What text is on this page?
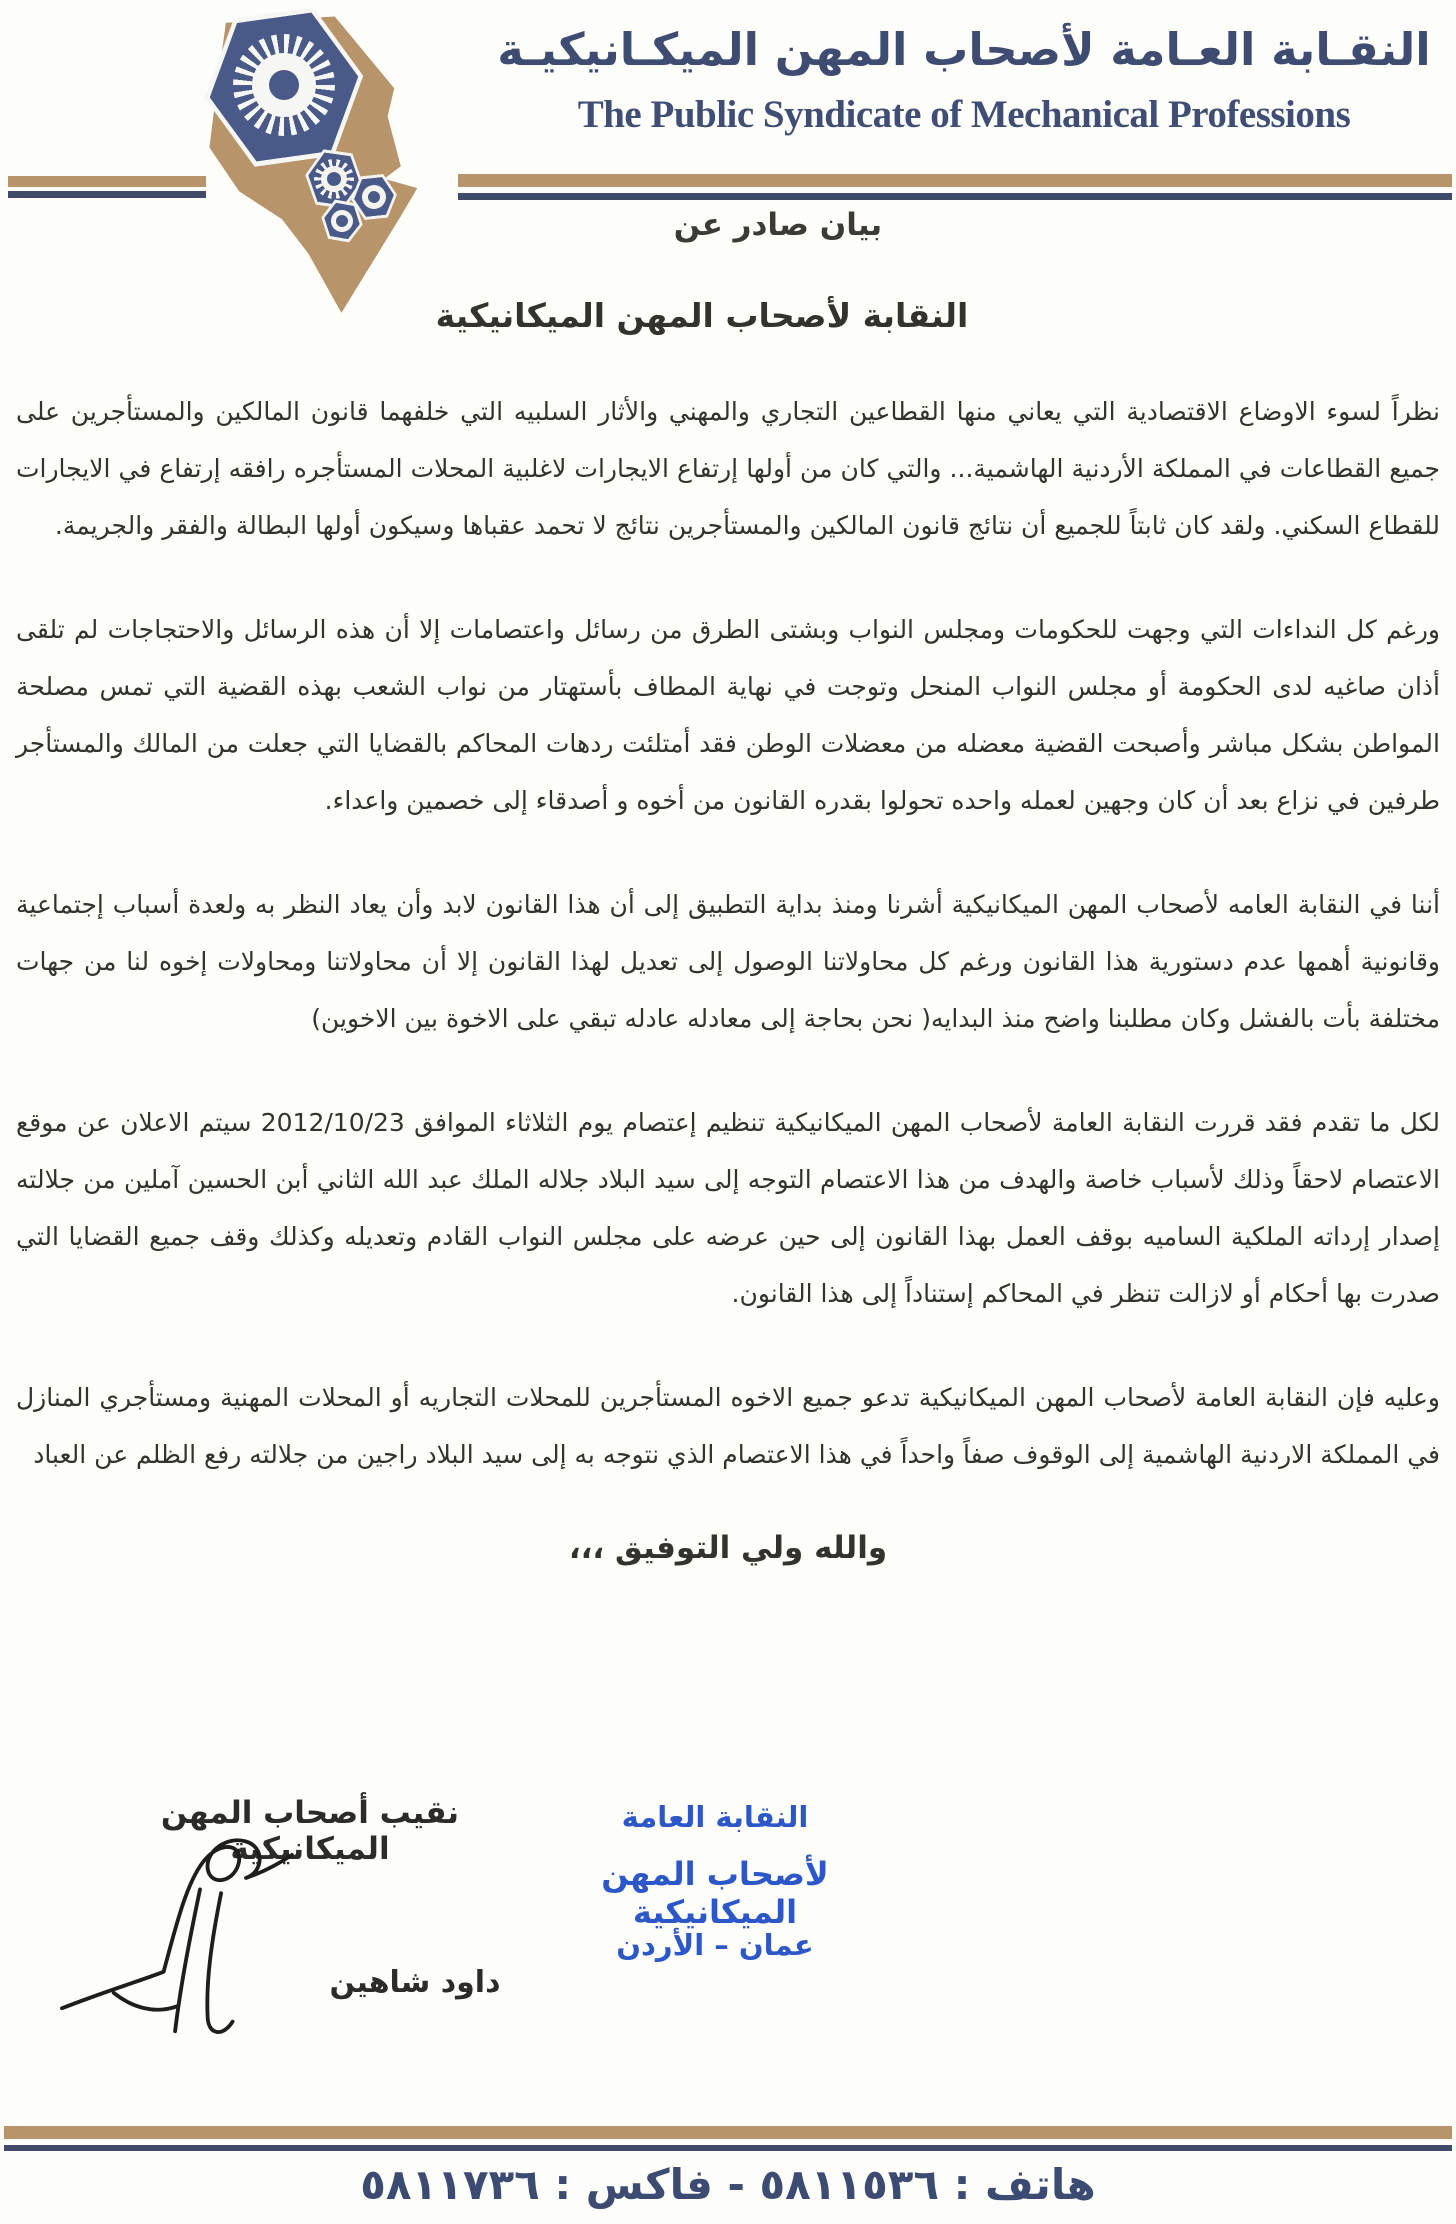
النقـابة العـامة لأصحاب المهن الميكـانيكيـة
The Public Syndicate of Mechanical Professions
بيان صادر عن
النقابة لأصحاب المهن الميكانيكية

نظراً لسوء الاوضاع الاقتصادية التي يعاني منها القطاعين التجاري والمهني والأثار السلبيه التي خلفهما قانون المالكين والمستأجرين على جميع القطاعات في المملكة الأردنية الهاشمية... والتي كان من أولها إرتفاع الايجارات لاغلبية المحلات المستأجره رافقه إرتفاع في الايجارات للقطاع السكني. ولقد كان ثابتاً للجميع أن نتائج قانون المالكين والمستأجرين نتائج لا تحمد عقباها وسيكون أولها البطالة والفقر والجريمة.

ورغم كل النداءات التي وجهت للحكومات ومجلس النواب وبشتى الطرق من رسائل واعتصامات إلا أن هذه الرسائل والاحتجاجات لم تلقى أذان صاغيه لدى الحكومة أو مجلس النواب المنحل وتوجت في نهاية المطاف بأستهتار من نواب الشعب بهذه القضية التي تمس مصلحة المواطن بشكل مباشر وأصبحت القضية معضله من معضلات الوطن فقد أمتلئت ردهات المحاكم بالقضايا التي جعلت من المالك والمستأجر طرفين في نزاع بعد أن كان وجهين لعمله واحده تحولوا بقدره القانون من أخوه و أصدقاء إلى خصمين واعداء.

أننا في النقابة العامه لأصحاب المهن الميكانيكية أشرنا ومنذ بداية التطبيق إلى أن هذا القانون لابد وأن يعاد النظر به ولعدة أسباب إجتماعية وقانونية أهمها عدم دستورية هذا القانون ورغم كل محاولاتنا الوصول إلى تعديل لهذا القانون إلا أن محاولاتنا ومحاولات إخوه لنا من جهات مختلفة بأت بالفشل وكان مطلبنا واضح منذ البدايه( نحن بحاجة إلى معادله عادله تبقي على الاخوة بين الاخوين)

لكل ما تقدم فقد قررت النقابة العامة لأصحاب المهن الميكانيكية تنظيم إعتصام يوم الثلاثاء الموافق 2012/10/23 سيتم الاعلان عن موقع الاعتصام لاحقاً وذلك لأسباب خاصة والهدف من هذا الاعتصام التوجه إلى سيد البلاد جلاله الملك عبد الله الثاني أبن الحسين آملين من جلالته إصدار إرداته الملكية الساميه بوقف العمل بهذا القانون إلى حين عرضه على مجلس النواب القادم وتعديله وكذلك وقف جميع القضايا التي صدرت بها أحكام أو لازالت تنظر في المحاكم إستناداً إلى هذا القانون.

وعليه فإن النقابة العامة لأصحاب المهن الميكانيكية تدعو جميع الاخوه المستأجرين للمحلات التجاريه أو المحلات المهنية ومستأجري المنازل في المملكة الاردنية الهاشمية إلى الوقوف صفاً واحداً في هذا الاعتصام الذي نتوجه به إلى سيد البلاد راجين من جلالته رفع الظلم عن العباد

والله ولي التوفيق ،،،
نقيب أصحاب المهن الميكانيكية
النقابة العامة
لأصحاب المهن الميكانيكية
عمان – الأردن
داود شاهين
هاتف : ٥٨١١٥٣٦ - فاكس : ٥٨١١٧٣٦
